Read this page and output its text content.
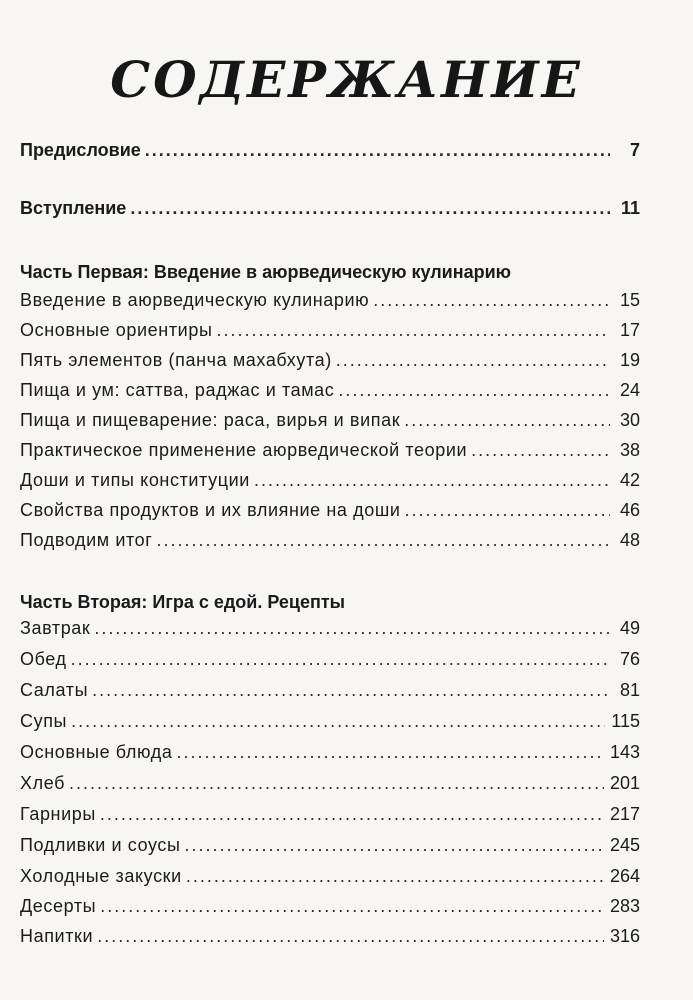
СОДЕРЖАНИЕ
Предисловие .....	7
Вступление .....	11
Часть Первая: Введение в аюрведическую кулинарию
Введение в аюрведическую кулинарию .....	15
Основные ориентиры .....	17
Пять элементов (панча махабхута) .....	19
Пища и ум: саттва, раджас и тамас .....	24
Пища и пищеварение: раса, вирья и випак .....	30
Практическое применение аюрведической теории .....	38
Доши и типы конституции .....	42
Свойства продуктов и их влияние на доши .....	46
Подводим итог .....	48
Часть Вторая: Игра с едой. Рецепты
Завтрак .....	49
Обед .....	76
Салаты .....	81
Супы .....	115
Основные блюда .....	143
Хлеб .....	201
Гарниры .....	217
Подливки и соусы .....	245
Холодные закуски .....	264
Десерты .....	283
Напитки .....	316
